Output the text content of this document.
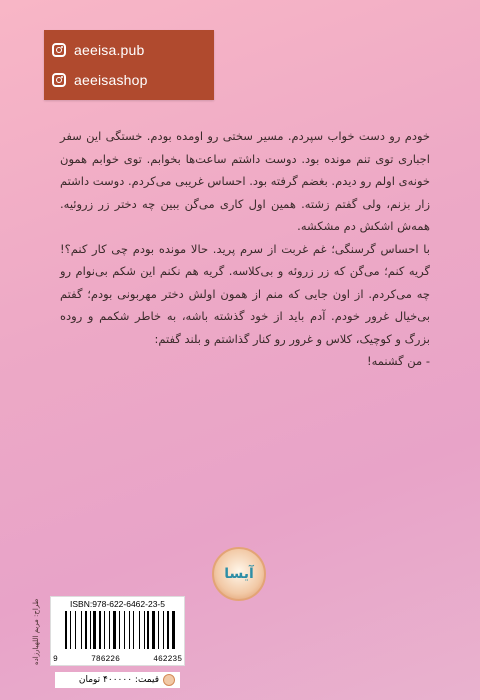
aeeisa.pub
aeeisashop

خودم رو دست خواب سپردم. مسیر سختی رو اومده بودم. خستگی این سفر اجباری توی تنم مونده بود. دوست داشتم ساعت‌ها بخوابم. توی خوابم همون خونه‌ی اولم رو دیدم. بغضم گرفته بود. احساس غریبی می‌کردم. دوست داشتم زار بزنم، ولی گفتم زشته. همین اول کاری می‌گن ببین چه دختر زر زروئیه. همه‌ش اشکش دم مشکشه.

با احساس گرسنگی؛ غم غربت از سرم پرید. حالا مونده بودم چی کار کنم؟! گریه کنم؛ می‌گن که زر زروئه و بی‌کلاسه. گریه هم نکنم این شکم بی‌نوام رو چه می‌کردم. از اون جایی که منم از همون اولش دختر مهربونی بودم؛ گفتم بی‌خیال غرور خودم. آدم باید از خود گذشته باشه، به خاطر شکمم و روده بزرگ و کوچیک، کلاس و غرور رو کنار گذاشتم و بلند گفتم:

- من گشنمه!

آیسا
طراح: مریم اللهیارزاده	ISBN:978-622-6462-23-5
9	786226	462235
قیمت: ۴۰۰۰۰۰ تومان
